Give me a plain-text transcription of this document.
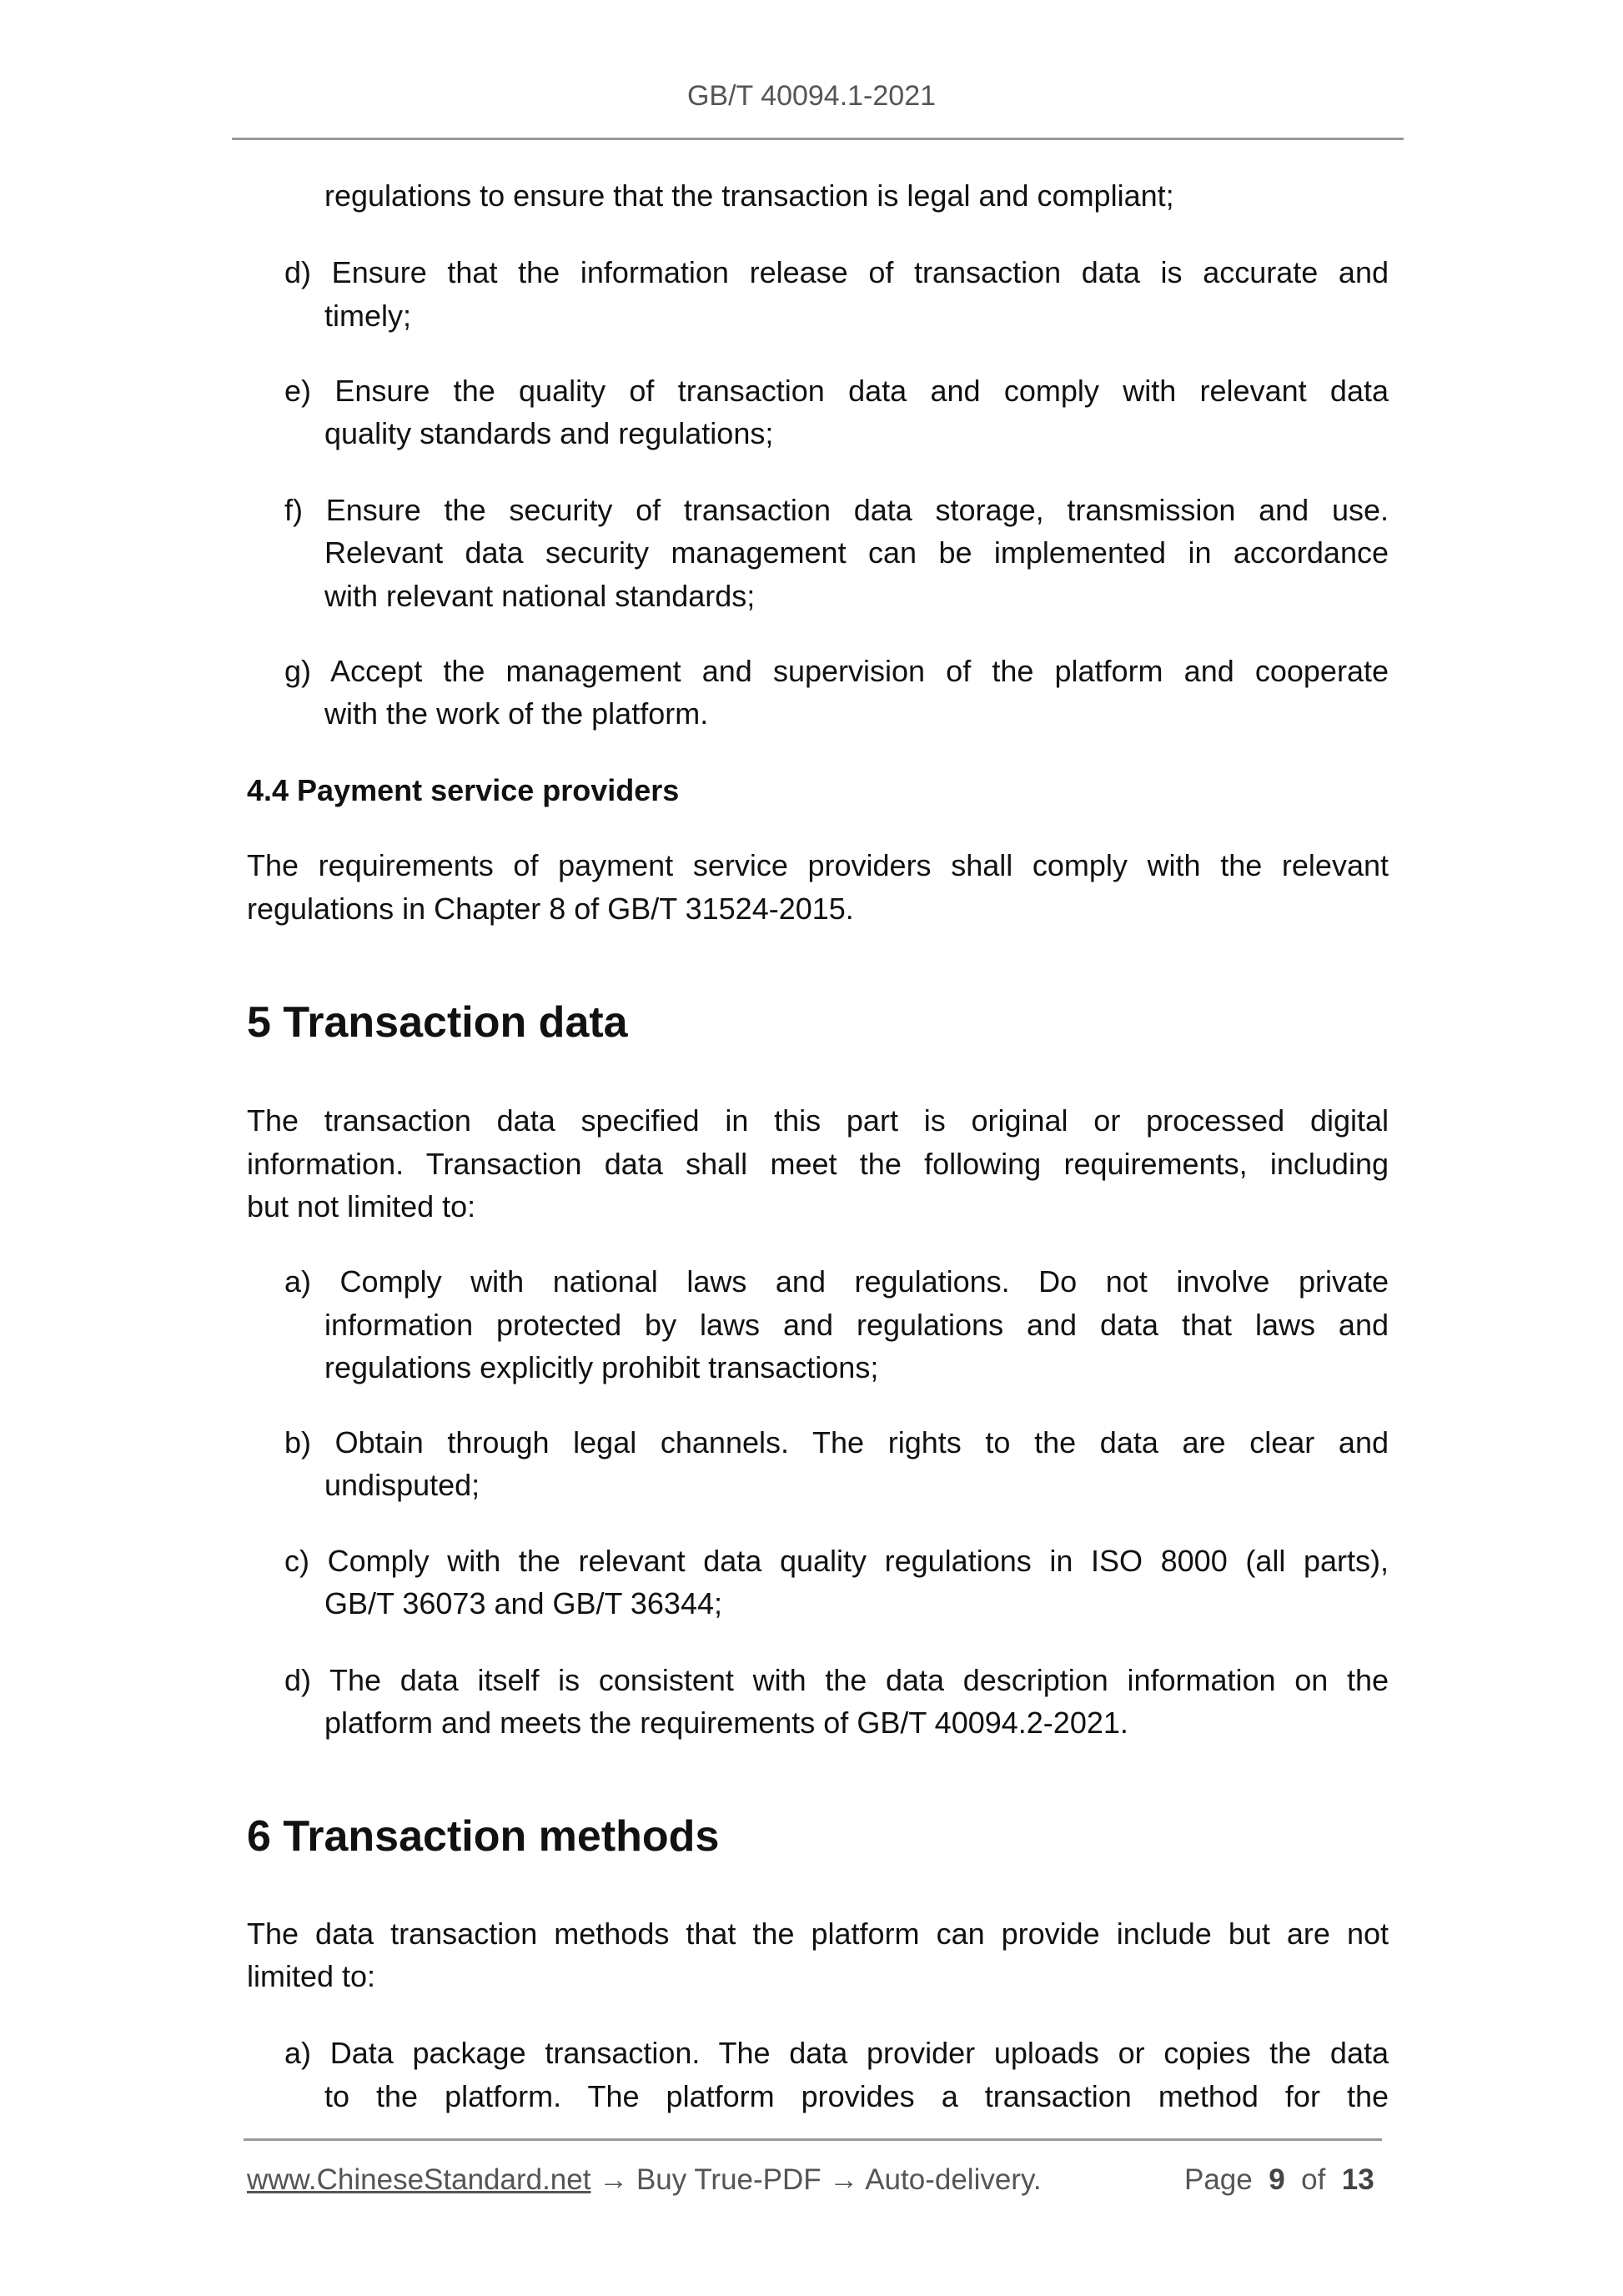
GB/T 40094.1-2021
regulations to ensure that the transaction is legal and compliant;
d) Ensure that the information release of transaction data is accurate and
timely;
e) Ensure the quality of transaction data and comply with relevant data
quality standards and regulations;
f) Ensure the security of transaction data storage, transmission and use.
Relevant data security management can be implemented in accordance
with relevant national standards;
g) Accept the management and supervision of the platform and cooperate
with the work of the platform.
4.4 Payment service providers
The requirements of payment service providers shall comply with the relevant
regulations in Chapter 8 of GB/T 31524-2015.
5 Transaction data
The transaction data specified in this part is original or processed digital
information. Transaction data shall meet the following requirements, including
but not limited to:
a) Comply with national laws and regulations. Do not involve private
information protected by laws and regulations and data that laws and
regulations explicitly prohibit transactions;
b) Obtain through legal channels. The rights to the data are clear and
undisputed;
c) Comply with the relevant data quality regulations in ISO 8000 (all parts),
GB/T 36073 and GB/T 36344;
d) The data itself is consistent with the data description information on the
platform and meets the requirements of GB/T 40094.2-2021.
6 Transaction methods
The data transaction methods that the platform can provide include but are not
limited to:
a) Data package transaction. The data provider uploads or copies the data
to the platform. The platform provides a transaction method for the
www.ChineseStandard.net → Buy True-PDF → Auto-delivery.	Page 9 of 13
